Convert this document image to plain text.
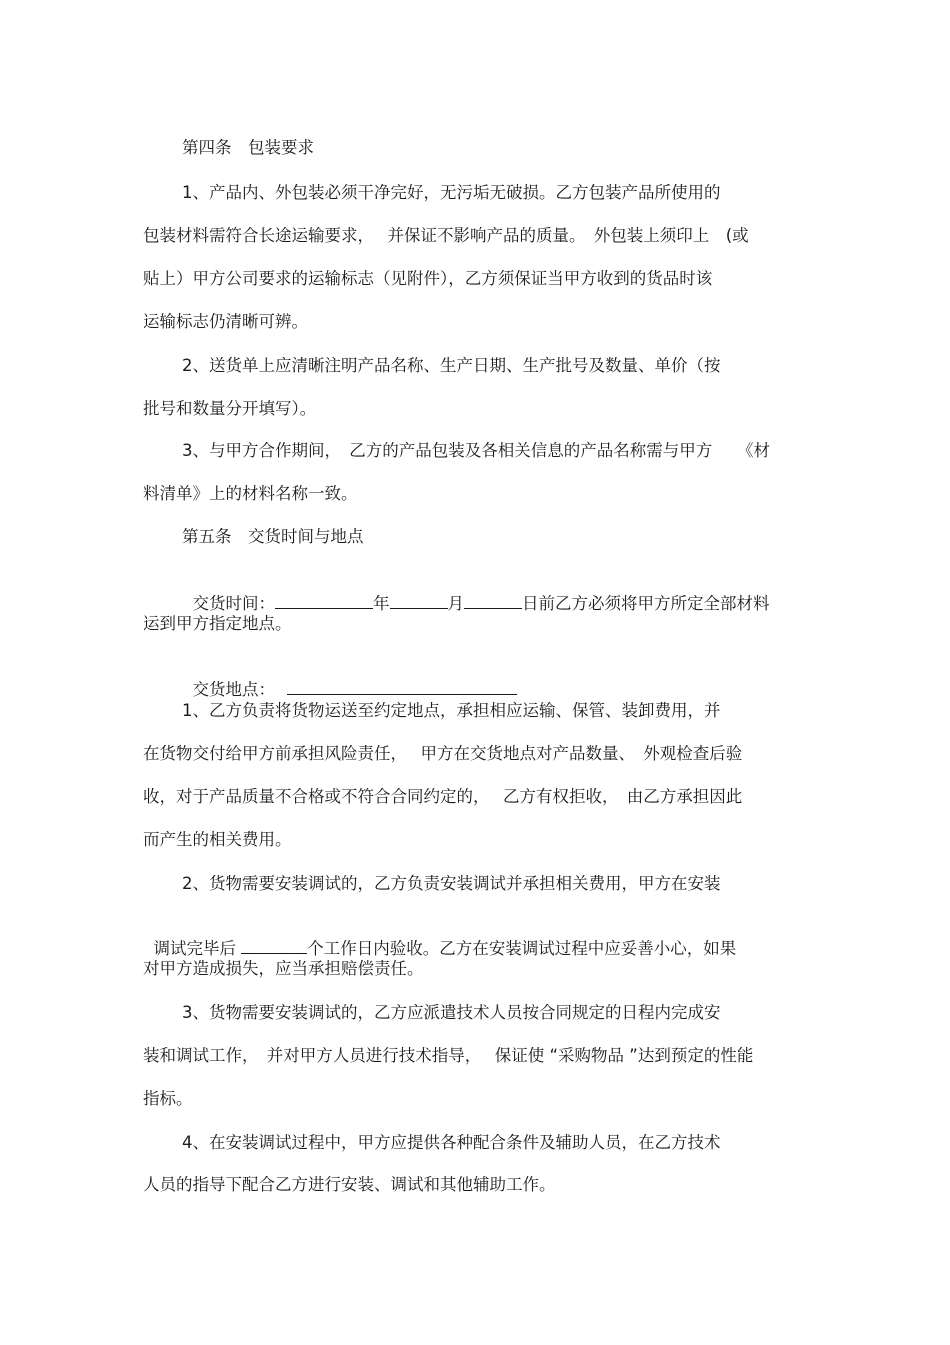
第四条　包装要求
1、产品内、外包装必须干净完好，无污垢无破损。乙方包装产品所使用的
包装材料需符合长途运输要求，　 并保证不影响产品的质量。　外包装上须印上　(或
贴上）甲方公司要求的运输标志（见附件），乙方须保证当甲方收到的货品时该
运输标志仍清晰可辨。
2、送货单上应清晰注明产品名称、生产日期、生产批号及数量、单价（按
批号和数量分开填写）。
3、与甲方合作期间，　乙方的产品包装及各相关信息的产品名称需与甲方　　《材
料清单》上的材料名称一致。
第五条　交货时间与地点

交货时间：	年	月	日前乙方必须将甲方所定全部材料

运到甲方指定地点。

交货地点：

1、乙方负责将货物运送至约定地点，承担相应运输、保管、装卸费用，并
在货物交付给甲方前承担风险责任，　 甲方在交货地点对产品数量、　外观检查后验
收，对于产品质量不合格或不符合合同约定的，　 乙方有权拒收，　由乙方承担因此
而产生的相关费用。
2、货物需要安装调试的，乙方负责安装调试并承担相关费用，甲方在安装

调试完毕后	个工作日内验收。乙方在安装调试过程中应妥善小心，如果

对甲方造成损失，应当承担赔偿责任。
3、货物需要安装调试的，乙方应派遣技术人员按合同规定的日程内完成安
装和调试工作，　并对甲方人员进行技术指导，　 保证使 “采购物品 ”达到预定的性能
指标。
4、在安装调试过程中，甲方应提供各种配合条件及辅助人员，在乙方技术
人员的指导下配合乙方进行安装、调试和其他辅助工作。
